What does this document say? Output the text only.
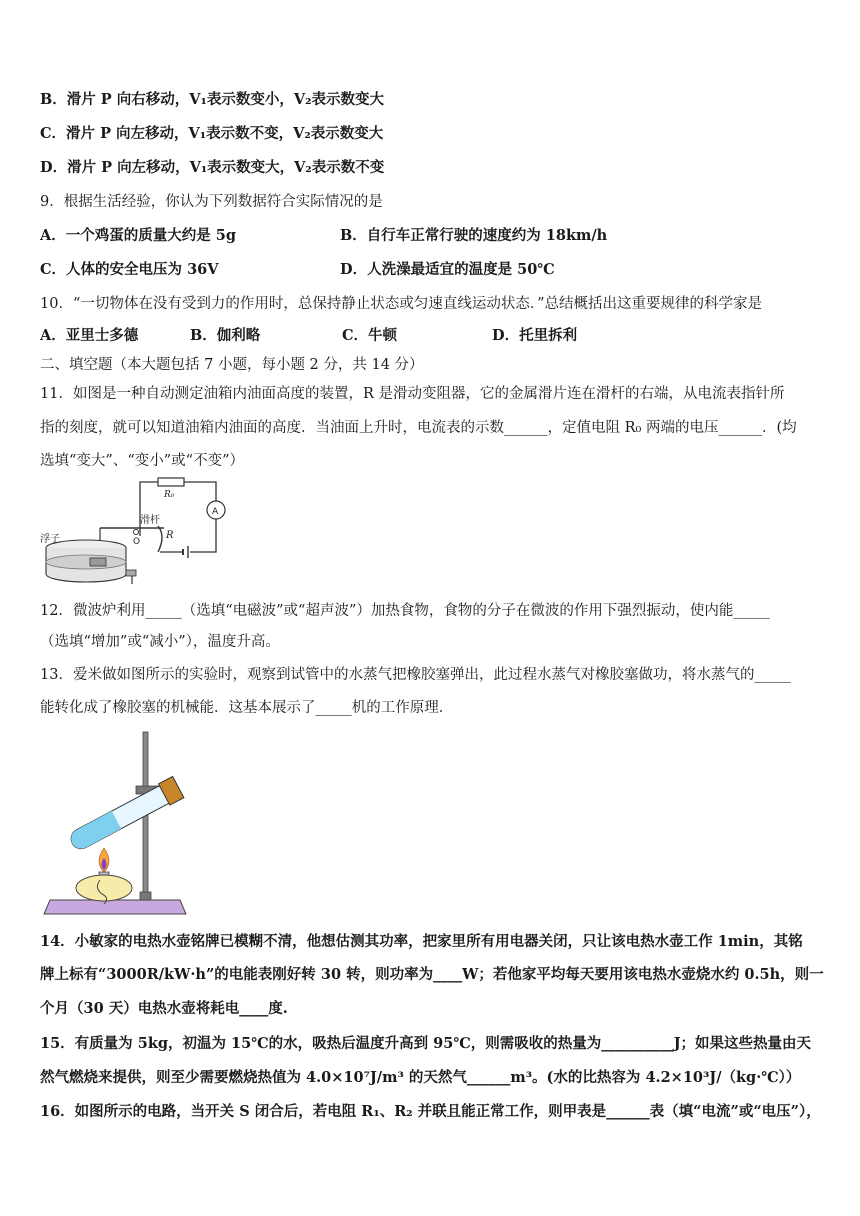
B．滑片 P 向右移动，V₁表示数变小，V₂表示数变大
C．滑片 P 向左移动，V₁表示数不变，V₂表示数变大
D．滑片 P 向左移动，V₁表示数变大，V₂表示数不变
9．根据生活经验，你认为下列数据符合实际情况的是
A．一个鸡蛋的质量大约是 5g	B．自行车正常行驶的速度约为 18km/h
C．人体的安全电压为 36V	D．人洗澡最适宜的温度是 50℃
10．“一切物体在没有受到力的作用时，总保持静止状态或匀速直线运动状态．”总结概括出这重要规律的科学家是
A．亚里士多德	B．伽利略	C．牛顿	D．托里拆利
二、填空题（本大题包括 7 小题，每小题 2 分，共 14 分）
11．如图是一种自动测定油箱内油面高度的装置，R 是滑动变阻器，它的金属滑片连在滑杆的右端，从电流表指针所
指的刻度，就可以知道油箱内油面的高度．当油面上升时，电流表的示数______，定值电阻 R₀ 两端的电压______．(均
选填“变大”、“变小”或“不变”）
R₀
A
滑杆
O
R
浮子
12．微波炉利用_____（选填“电磁波”或“超声波”）加热食物，食物的分子在微波的作用下强烈振动，使内能_____
（选填“增加”或“减小”），温度升高。
13．爱米做如图所示的实验时，观察到试管中的水蒸气把橡胶塞弹出，此过程水蒸气对橡胶塞做功，将水蒸气的_____
能转化成了橡胶塞的机械能．这基本展示了_____机的工作原理．
14．小敏家的电热水壶铭牌已模糊不清，他想估测其功率，把家里所有用电器关闭，只让该电热水壶工作 1min，其铭
牌上标有“3000R/kW·h”的电能表刚好转 30 转，则功率为____W；若他家平均每天要用该电热水壶烧水约 0.5h，则一
个月（30 天）电热水壶将耗电____度.
15．有质量为 5kg，初温为 15℃的水，吸热后温度升高到 95℃，则需吸收的热量为__________J；如果这些热量由天
然气燃烧来提供，则至少需要燃烧热值为 4.0×10⁷J/m³ 的天然气______m³。(水的比热容为 4.2×10³J/（kg·℃））
16．如图所示的电路，当开关 S 闭合后，若电阻 R₁、R₂ 并联且能正常工作，则甲表是______表（填“电流”或“电压”），
